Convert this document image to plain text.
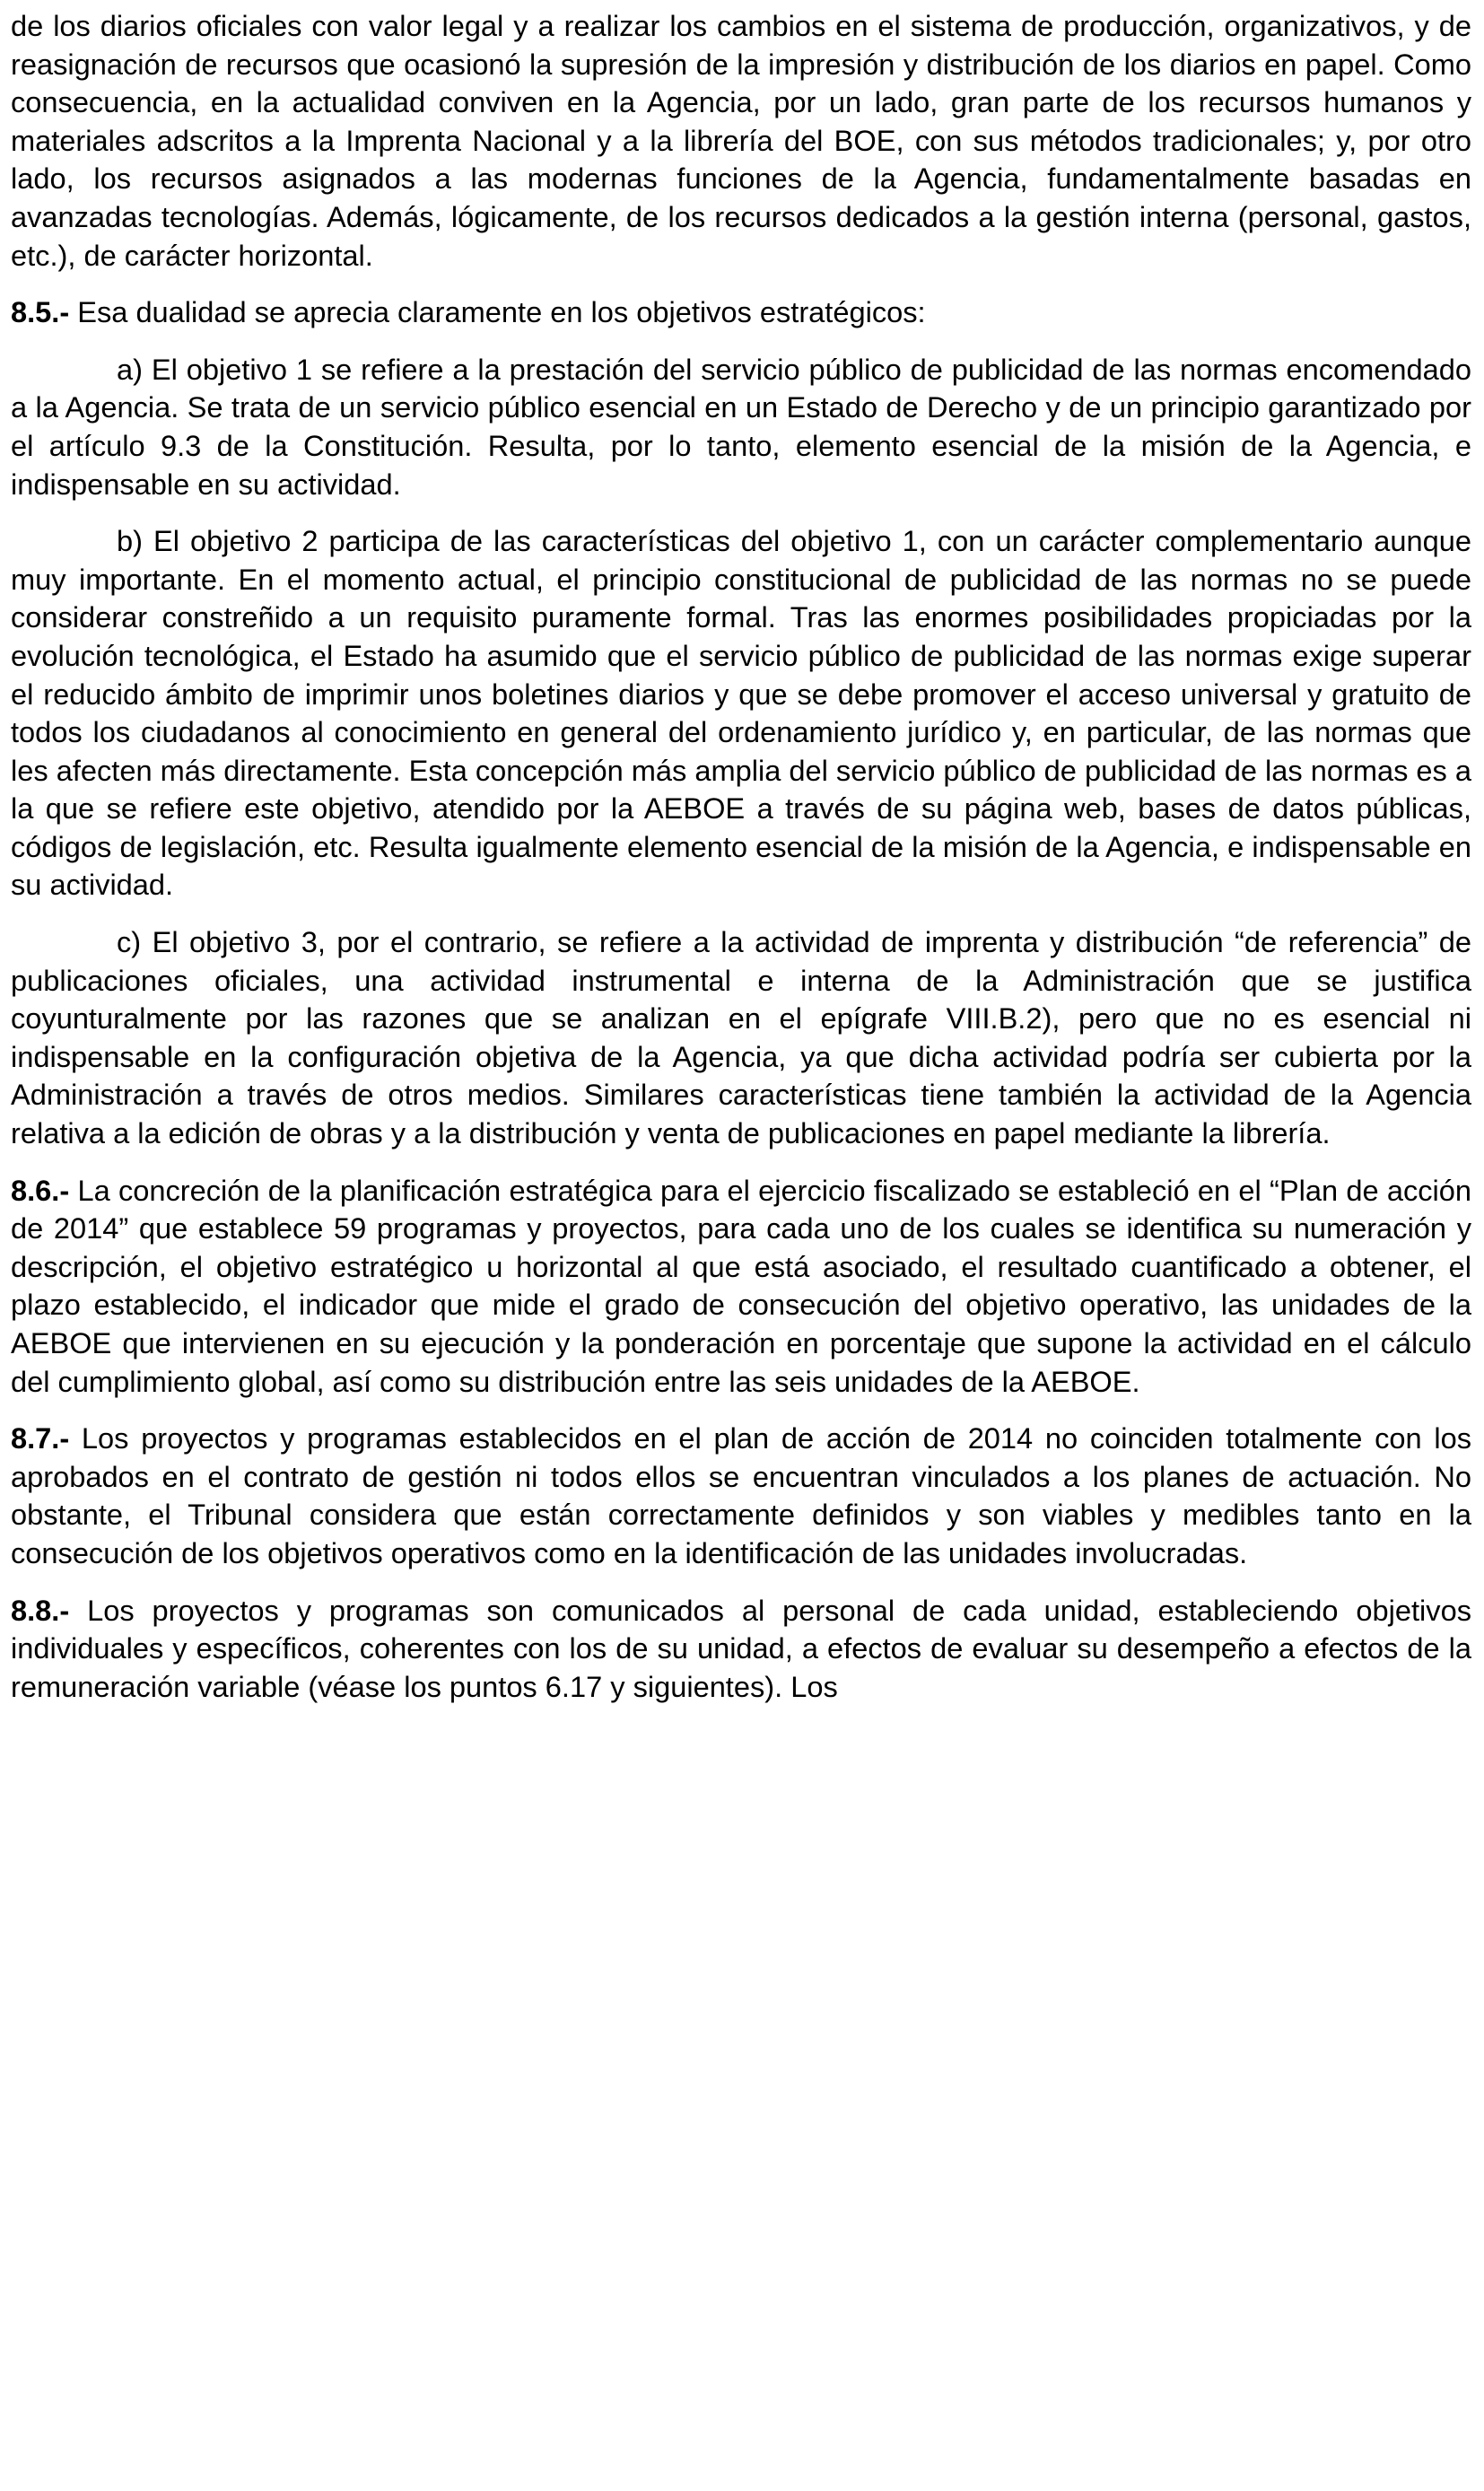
de los diarios oficiales con valor legal y a realizar los cambios en el sistema de producción, organizativos, y de reasignación de recursos que ocasionó la supresión de la impresión y distribución de los diarios en papel. Como consecuencia, en la actualidad conviven en la Agencia, por un lado, gran parte de los recursos humanos y materiales adscritos a la Imprenta Nacional y a la librería del BOE, con sus métodos tradicionales; y, por otro lado, los recursos asignados a las modernas funciones de la Agencia, fundamentalmente basadas en avanzadas tecnologías. Además, lógicamente, de los recursos dedicados a la gestión interna (personal, gastos, etc.), de carácter horizontal.

8.5.- Esa dualidad se aprecia claramente en los objetivos estratégicos:

a) El objetivo 1 se refiere a la prestación del servicio público de publicidad de las normas encomendado a la Agencia. Se trata de un servicio público esencial en un Estado de Derecho y de un principio garantizado por el artículo 9.3 de la Constitución. Resulta, por lo tanto, elemento esencial de la misión de la Agencia, e indispensable en su actividad.

b) El objetivo 2 participa de las características del objetivo 1, con un carácter complementario aunque muy importante. En el momento actual, el principio constitucional de publicidad de las normas no se puede considerar constreñido a un requisito puramente formal. Tras las enormes posibilidades propiciadas por la evolución tecnológica, el Estado ha asumido que el servicio público de publicidad de las normas exige superar el reducido ámbito de imprimir unos boletines diarios y que se debe promover el acceso universal y gratuito de todos los ciudadanos al conocimiento en general del ordenamiento jurídico y, en particular, de las normas que les afecten más directamente. Esta concepción más amplia del servicio público de publicidad de las normas es a la que se refiere este objetivo, atendido por la AEBOE a través de su página web, bases de datos públicas, códigos de legislación, etc. Resulta igualmente elemento esencial de la misión de la Agencia, e indispensable en su actividad.

c) El objetivo 3, por el contrario, se refiere a la actividad de imprenta y distribución “de referencia” de publicaciones oficiales, una actividad instrumental e interna de la Administración que se justifica coyunturalmente por las razones que se analizan en el epígrafe VIII.B.2), pero que no es esencial ni indispensable en la configuración objetiva de la Agencia, ya que dicha actividad podría ser cubierta por la Administración a través de otros medios. Similares características tiene también la actividad de la Agencia relativa a la edición de obras y a la distribución y venta de publicaciones en papel mediante la librería.

8.6.- La concreción de la planificación estratégica para el ejercicio fiscalizado se estableció en el “Plan de acción de 2014” que establece 59 programas y proyectos, para cada uno de los cuales se identifica su numeración y descripción, el objetivo estratégico u horizontal al que está asociado, el resultado cuantificado a obtener, el plazo establecido, el indicador que mide el grado de consecución del objetivo operativo, las unidades de la AEBOE que intervienen en su ejecución y la ponderación en porcentaje que supone la actividad en el cálculo del cumplimiento global, así como su distribución entre las seis unidades de la AEBOE.

8.7.- Los proyectos y programas establecidos en el plan de acción de 2014 no coinciden totalmente con los aprobados en el contrato de gestión ni todos ellos se encuentran vinculados a los planes de actuación. No obstante, el Tribunal considera que están correctamente definidos y son viables y medibles tanto en la consecución de los objetivos operativos como en la identificación de las unidades involucradas.

8.8.- Los proyectos y programas son comunicados al personal de cada unidad, estableciendo objetivos individuales y específicos, coherentes con los de su unidad, a efectos de evaluar su desempeño a efectos de la remuneración variable (véase los puntos 6.17 y siguientes). Los
